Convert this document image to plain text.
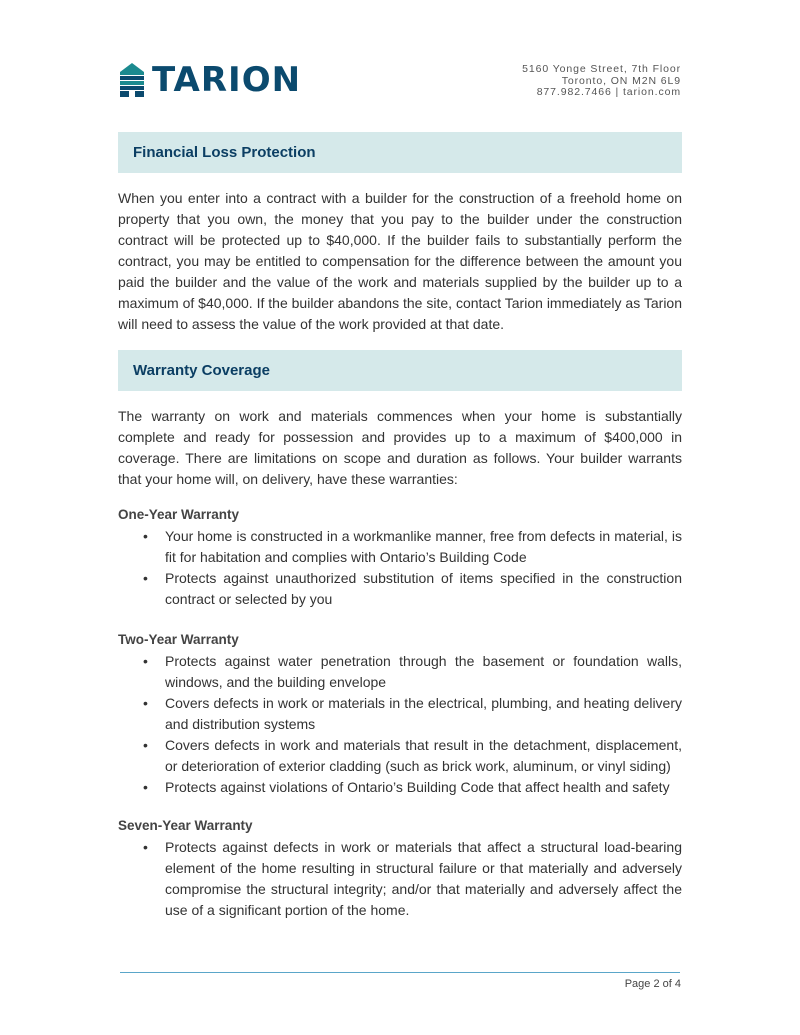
TARION	5160 Yonge Street, 7th Floor
Toronto, ON M2N 6L9
877.982.7466 | tarion.com
Financial Loss Protection
When you enter into a contract with a builder for the construction of a freehold home on property that you own, the money that you pay to the builder under the construction contract will be protected up to $40,000. If the builder fails to substantially perform the contract, you may be entitled to compensation for the difference between the amount you paid the builder and the value of the work and materials supplied by the builder up to a maximum of $40,000. If the builder abandons the site, contact Tarion immediately as Tarion will need to assess the value of the work provided at that date.
Warranty Coverage
The warranty on work and materials commences when your home is substantially complete and ready for possession and provides up to a maximum of $400,000 in coverage. There are limitations on scope and duration as follows. Your builder warrants that your home will, on delivery, have these warranties:
One-Year Warranty
• Your home is constructed in a workmanlike manner, free from defects in material, is fit for habitation and complies with Ontario’s Building Code
• Protects against unauthorized substitution of items specified in the construction contract or selected by you
Two-Year Warranty
• Protects against water penetration through the basement or foundation walls, windows, and the building envelope
• Covers defects in work or materials in the electrical, plumbing, and heating delivery and distribution systems
• Covers defects in work and materials that result in the detachment, displacement, or deterioration of exterior cladding (such as brick work, aluminum, or vinyl siding)
• Protects against violations of Ontario’s Building Code that affect health and safety
Seven-Year Warranty
• Protects against defects in work or materials that affect a structural load-bearing element of the home resulting in structural failure or that materially and adversely compromise the structural integrity; and/or that materially and adversely affect the use of a significant portion of the home.
Page 2 of 4
